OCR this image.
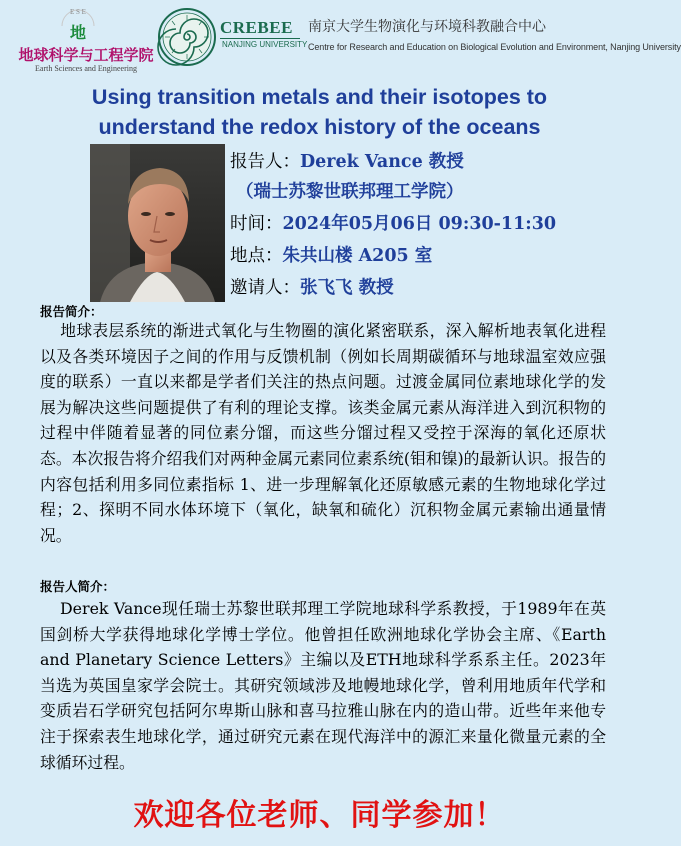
E S E
地
地球科学与工程学院
Earth Sciences and Engineering
CREBEE
NANJING UNIVERSITY
南京大学生物演化与环境科教融合中心
Centre for Research and Education on Biological Evolution and Environment, Nanjing University
Using transition metals and their isotopes to
understand the redox history of the oceans
报告人：Derek Vance 教授
（瑞士苏黎世联邦理工学院）
时间：2024年05月06日 09:30-11:30
地点：朱共山楼 A205 室
邀请人：张飞飞 教授
报告简介：
地球表层系统的渐进式氧化与生物圈的演化紧密联系，深入解析地表氧化进程以及各类环境因子之间的作用与反馈机制（例如长周期碳循环与地球温室效应强度的联系）一直以来都是学者们关注的热点问题。过渡金属同位素地球化学的发展为解决这些问题提供了有利的理论支撑。该类金属元素从海洋进入到沉积物的过程中伴随着显著的同位素分馏，而这些分馏过程又受控于深海的氧化还原状态。本次报告将介绍我们对两种金属元素同位素系统(钼和镍)的最新认识。报告的内容包括利用多同位素指标 1、进一步理解氧化还原敏感元素的生物地球化学过程；2、探明不同水体环境下（氧化，缺氧和硫化）沉积物金属元素输出通量情况。
报告人简介：
Derek Vance现任瑞士苏黎世联邦理工学院地球科学系教授，于1989年在英国剑桥大学获得地球化学博士学位。他曾担任欧洲地球化学协会主席、《Earth and Planetary Science Letters》主编以及ETH地球科学系系主任。2023年当选为英国皇家学会院士。其研究领域涉及地幔地球化学，曾利用地质年代学和变质岩石学研究包括阿尔卑斯山脉和喜马拉雅山脉在内的造山带。近些年来他专注于探索表生地球化学，通过研究元素在现代海洋中的源汇来量化微量元素的全球循环过程。
欢迎各位老师、同学参加！
